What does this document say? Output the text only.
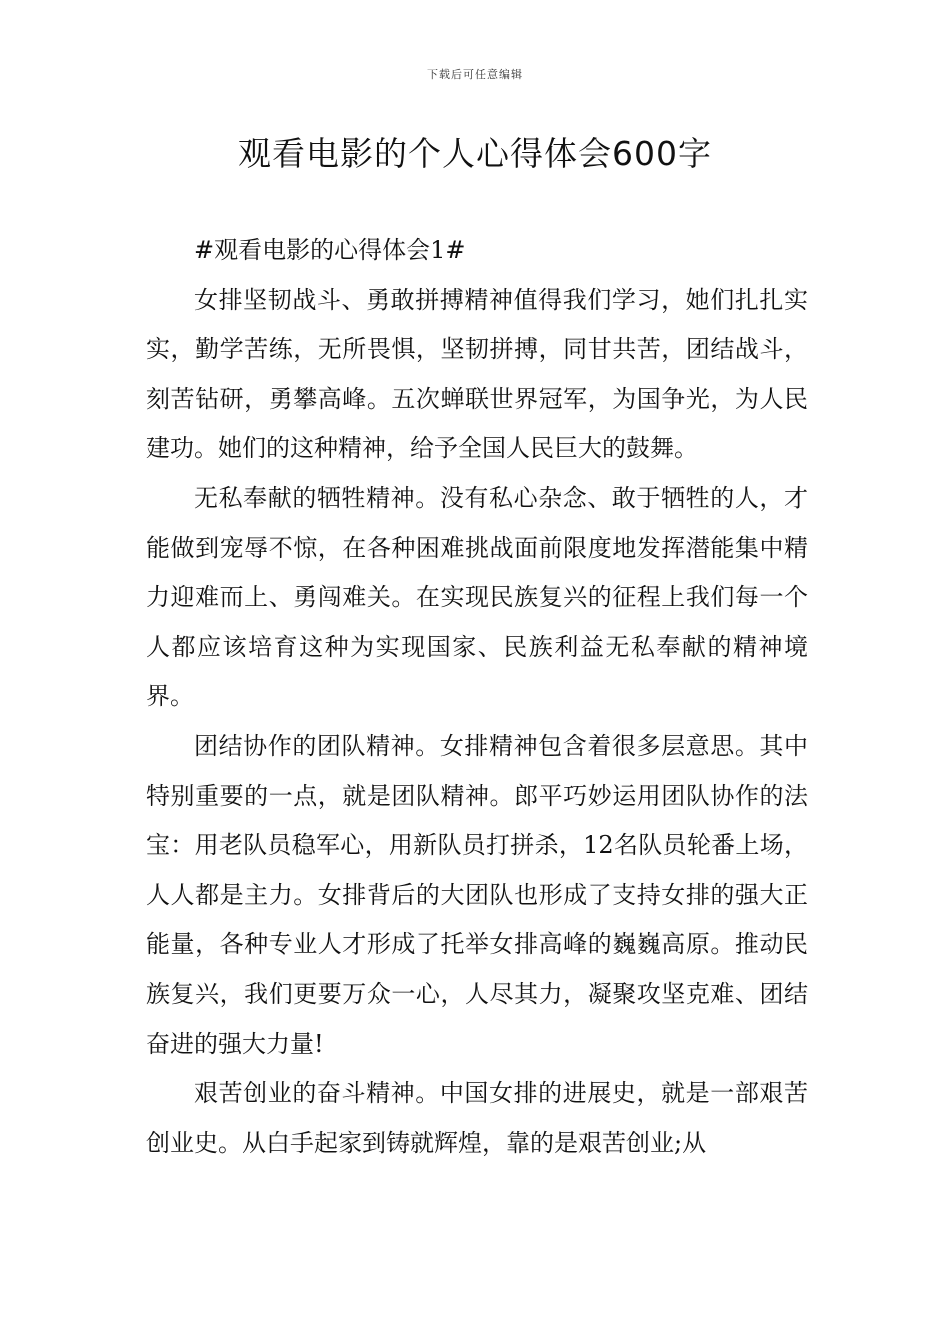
下载后可任意编辑
观看电影的个人心得体会600字

#观看电影的心得体会1#

女排坚韧战斗、勇敢拼搏精神值得我们学习，她们扎扎实实，勤学苦练，无所畏惧，坚韧拼搏，同甘共苦，团结战斗，刻苦钻研，勇攀高峰。五次蝉联世界冠军，为国争光，为人民建功。她们的这种精神，给予全国人民巨大的鼓舞。

无私奉献的牺牲精神。没有私心杂念、敢于牺牲的人，才能做到宠辱不惊，在各种困难挑战面前限度地发挥潜能集中精力迎难而上、勇闯难关。在实现民族复兴的征程上我们每一个人都应该培育这种为实现国家、民族利益无私奉献的精神境界。

团结协作的团队精神。女排精神包含着很多层意思。其中特别重要的一点，就是团队精神。郎平巧妙运用团队协作的法宝：用老队员稳军心，用新队员打拼杀，12名队员轮番上场，人人都是主力。女排背后的大团队也形成了支持女排的强大正能量，各种专业人才形成了托举女排高峰的巍巍高原。推动民族复兴，我们更要万众一心，人尽其力，凝聚攻坚克难、团结奋进的强大力量!

艰苦创业的奋斗精神。中国女排的进展史，就是一部艰苦创业史。从白手起家到铸就辉煌，靠的是艰苦创业;从
